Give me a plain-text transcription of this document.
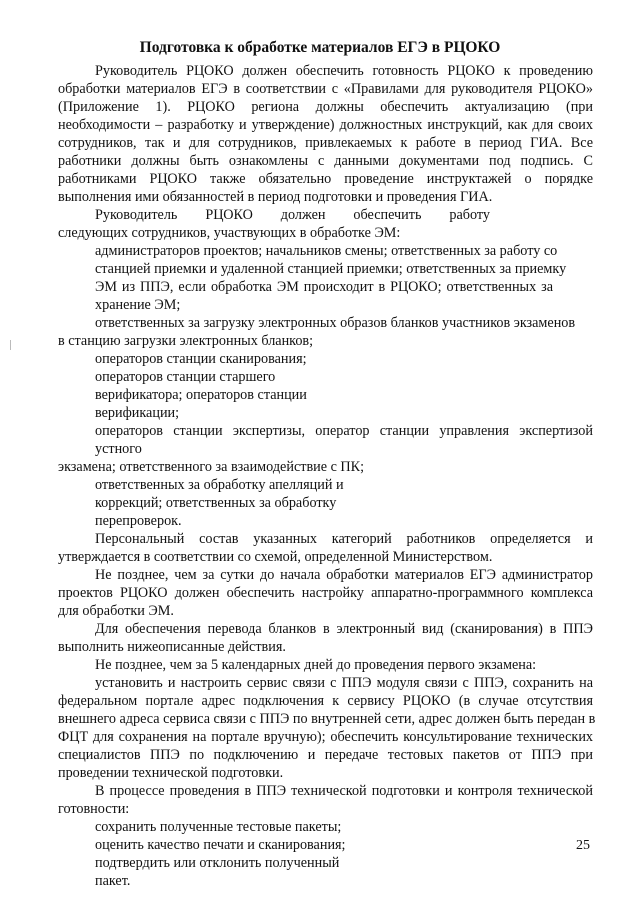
Подготовка к обработке материалов ЕГЭ в РЦОКО
Руководитель РЦОКО должен обеспечить готовность РЦОКО к проведению
обработки материалов ЕГЭ в соответствии с «Правилами для руководителя РЦОКО»
(Приложение 1). РЦОКО региона должны обеспечить актуализацию (при
необходимости – разработку и утверждение) должностных инструкций, как для своих
сотрудников, так и для сотрудников, привлекаемых к работе в период ГИА. Все
работники должны быть ознакомлены с данными документами под подпись. С
работниками РЦОКО также обязательно проведение инструктажей о порядке
выполнения ими обязанностей в период подготовки и проведения ГИА.
Руководитель РЦОКО должен обеспечить работу
следующих сотрудников, участвующих в обработке ЭМ:
администраторов проектов; начальников смены; ответственных за работу со
станцией приемки и удаленной станцией приемки; ответственных за приемку
ЭМ из ППЭ, если обработка ЭМ происходит в РЦОКО; ответственных за
хранение ЭМ;
ответственных за загрузку электронных образов бланков участников экзаменов
в станцию загрузки электронных бланков;
операторов станции сканирования;
операторов станции старшего
верификатора; операторов станции
верификации;
операторов станции экспертизы, оператор станции управления экспертизой
устного
экзамена; ответственного за взаимодействие с ПК;
ответственных за обработку апелляций и
коррекций; ответственных за обработку
перепроверок.
Персональный состав указанных категорий работников определяется и
утверждается в соответствии со схемой, определенной Министерством.
Не позднее, чем за сутки до начала обработки материалов ЕГЭ администратор
проектов РЦОКО должен обеспечить настройку аппаратно-программного комплекса
для обработки ЭМ.
Для обеспечения перевода бланков в электронный вид (сканирования) в ППЭ
выполнить нижеописанные действия.
Не позднее, чем за 5 календарных дней до проведения первого экзамена:
установить и настроить сервис связи с ППЭ модуля связи с ППЭ, сохранить на
федеральном портале адрес подключения к сервису РЦОКО (в случае отсутствия
внешнего адреса сервиса связи с ППЭ по внутренней сети, адрес должен быть передан в
ФЦТ для сохранения на портале вручную); обеспечить консультирование технических
специалистов ППЭ по подключению и передаче тестовых пакетов от ППЭ при
проведении технической подготовки.
В процессе проведения в ППЭ технической подготовки и контроля технической
готовности:
сохранить полученные тестовые пакеты;
оценить качество печати и сканирования;
подтвердить или отклонить полученный
пакет.
25
